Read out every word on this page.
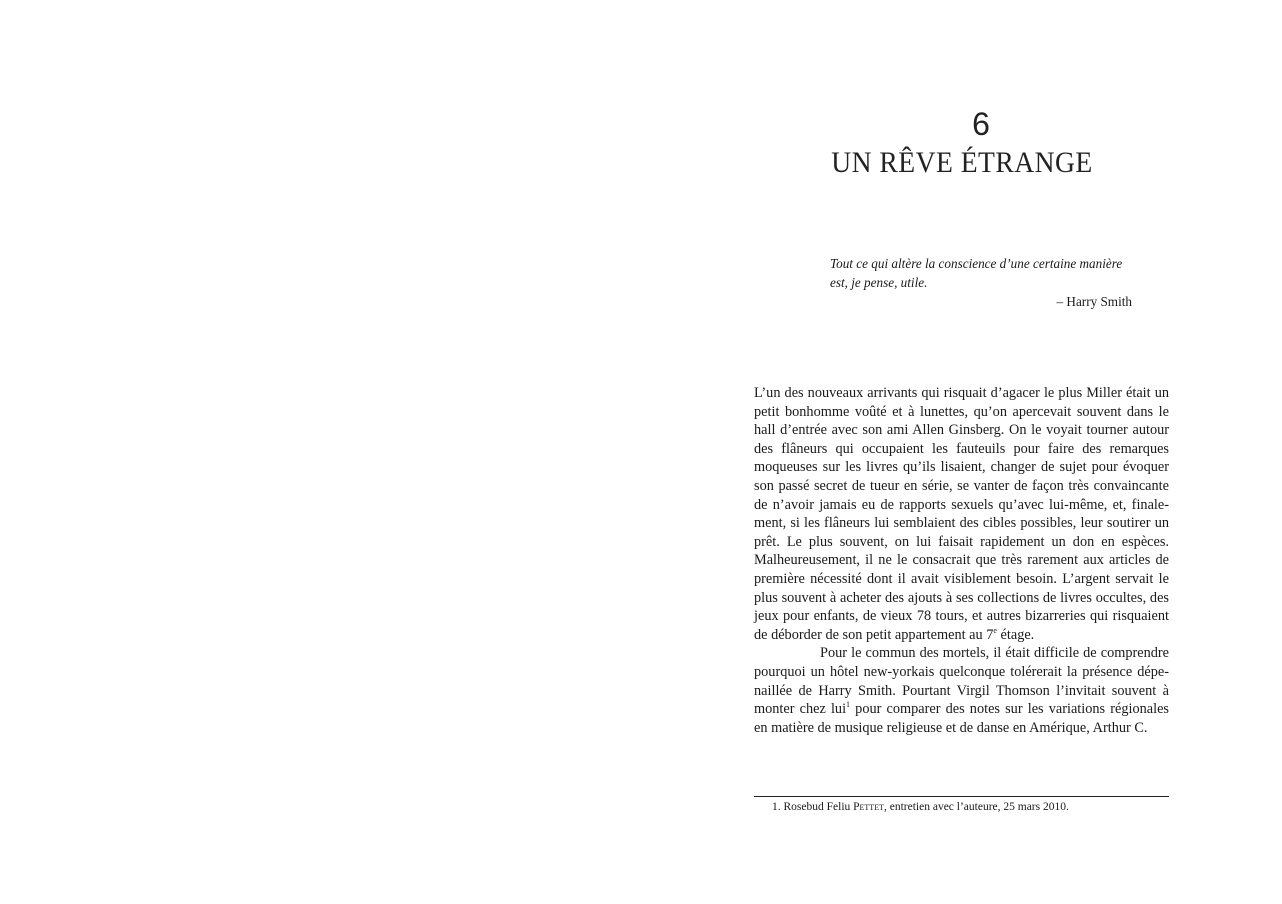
6
UN RÊVE ÉTRANGE

Tout ce qui altère la conscience d’une certaine manière
est, je pense, utile.

– Harry Smith

L’un des nouveaux arrivants qui risquait d’agacer le plus Miller était un petit bonhomme voûté et à lunettes, qu’on apercevait souvent dans le hall d’entrée avec son ami Allen Ginsberg. On le voyait tourner autour des flâneurs qui occupaient les fauteuils pour faire des remarques moqueuses sur les livres qu’ils lisaient, changer de sujet pour évoquer son passé secret de tueur en série, se vanter de façon très convaincante de n’avoir jamais eu de rapports sexuels qu’avec lui-même, et, finalement, si les flâneurs lui semblaient des cibles possibles, leur soutirer un prêt. Le plus souvent, on lui faisait rapidement un don en espèces. Malheureusement, il ne le consacrait que très rarement aux articles de première nécessité dont il avait visiblement besoin. L’argent servait le plus souvent à acheter des ajouts à ses collections de livres occultes, des jeux pour enfants, de vieux 78 tours, et autres bizarreries qui risquaient de déborder de son petit appartement au 7e étage.

Pour le commun des mortels, il était difficile de comprendre pourquoi un hôtel new-yorkais quelconque tolérerait la présence dépenaillée de Harry Smith. Pourtant Virgil Thomson l’invitait souvent à monter chez lui$^1$ pour comparer des notes sur les variations régionales en matière de musique religieuse et de danse en Amérique, Arthur C.

1. Rosebud Feliu Pettet, entretien avec l’auteure, 25 mars 2010.
